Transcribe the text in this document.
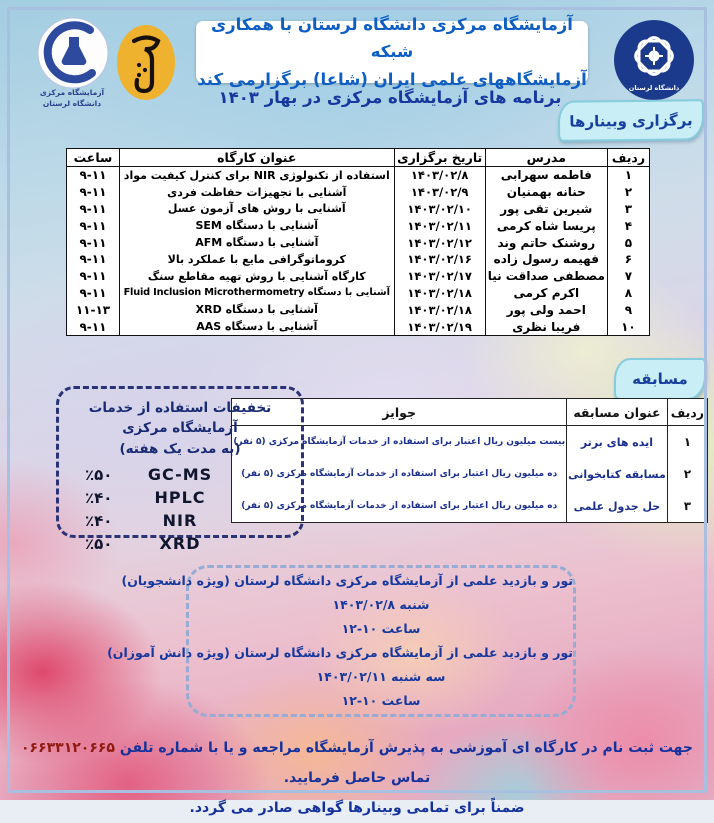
دانشگاه لرستان
آزمایشگاه مرکزی دانشگاه لرستان با همکاری شبکه
آزمایشگاههای علمی ایران (شاعا) برگزارمی کند
برنامه های آزمایشگاه مرکزی در بهار ۱۴۰۳
آزمایشگاه مرکزی
دانشگاه لرستان
برگزاری وبینارها
ردیف	مدرس	تاریخ برگزاری	عنوان کارگاه	ساعت
۱	فاطمه سهرابی	۱۴۰۳/۰۲/۸	استفاده از تکنولوژی NIR برای کنترل کیفیت مواد	۹-۱۱
۲	حنانه بهمنیان	۱۴۰۳/۰۲/۹	آشنایی با تجهیزات حفاظت فردی	۹-۱۱
۳	شیرین تقی پور	۱۴۰۳/۰۲/۱۰	آشنایی با روش های آزمون عسل	۹-۱۱
۴	پریسا شاه کرمی	۱۴۰۳/۰۲/۱۱	آشنایی با دستگاه SEM	۹-۱۱
۵	روشنک حاتم وند	۱۴۰۳/۰۲/۱۲	آشنایی با دستگاه AFM	۹-۱۱
۶	فهیمه رسول زاده	۱۴۰۳/۰۲/۱۶	کروماتوگرافی مایع با عملکرد بالا	۹-۱۱
۷	مصطفی صداقت نیا	۱۴۰۳/۰۲/۱۷	کارگاه آشنایی با روش تهیه مقاطع سنگ	۹-۱۱
۸	اکرم کرمی	۱۴۰۳/۰۲/۱۸	آشنایی با دستگاه Fluid Inclusion Microthermometry	۹-۱۱
۹	احمد ولی پور	۱۴۰۳/۰۲/۱۸	آشنایی با دستگاه XRD	۱۱-۱۳
۱۰	فریبا نظری	۱۴۰۳/۰۲/۱۹	آشنایی با دستگاه AAS	۹-۱۱
مسابقه
ردیف	عنوان مسابقه	جوایز
۱	ایده های برتر	بیست میلیون ریال اعتبار برای استفاده از خدمات آزمایشگاه مرکزی (۵ نفر)
۲	مسابقه کتابخوانی	ده میلیون ریال اعتبار برای استفاده از خدمات آزمایشگاه مرکزی (۵ نفر)
۳	حل جدول علمی	ده میلیون ریال اعتبار برای استفاده از خدمات آزمایشگاه مرکزی (۵ نفر)
تخفیفات استفاده از خدمات آزمایشگاه مرکزی
(به مدت یک هفته)
GC-MS
٪۵۰
HPLC
٪۴۰
NIR
٪۴۰
XRD
٪۵۰
تور و بازدید علمی از آزمایشگاه مرکزی دانشگاه لرستان (ویژه دانشجویان)
شنبه ۱۴۰۳/۰۲/۸
ساعت ۱۰-۱۲
تور و بازدید علمی از آزمایشگاه مرکزی دانشگاه لرستان (ویژه دانش آموزان)
سه شنبه ۱۴۰۳/۰۲/۱۱
ساعت ۱۰-۱۲
جهت ثبت نام در کارگاه ای آموزشی به پذیرش آزمایشگاه مراجعه و یا با شماره تلفن ۰۶۶۳۳۱۲۰۶۶۵ تماس حاصل فرمایید.
ضمناً برای تمامی وبینارها گواهی صادر می گردد.
